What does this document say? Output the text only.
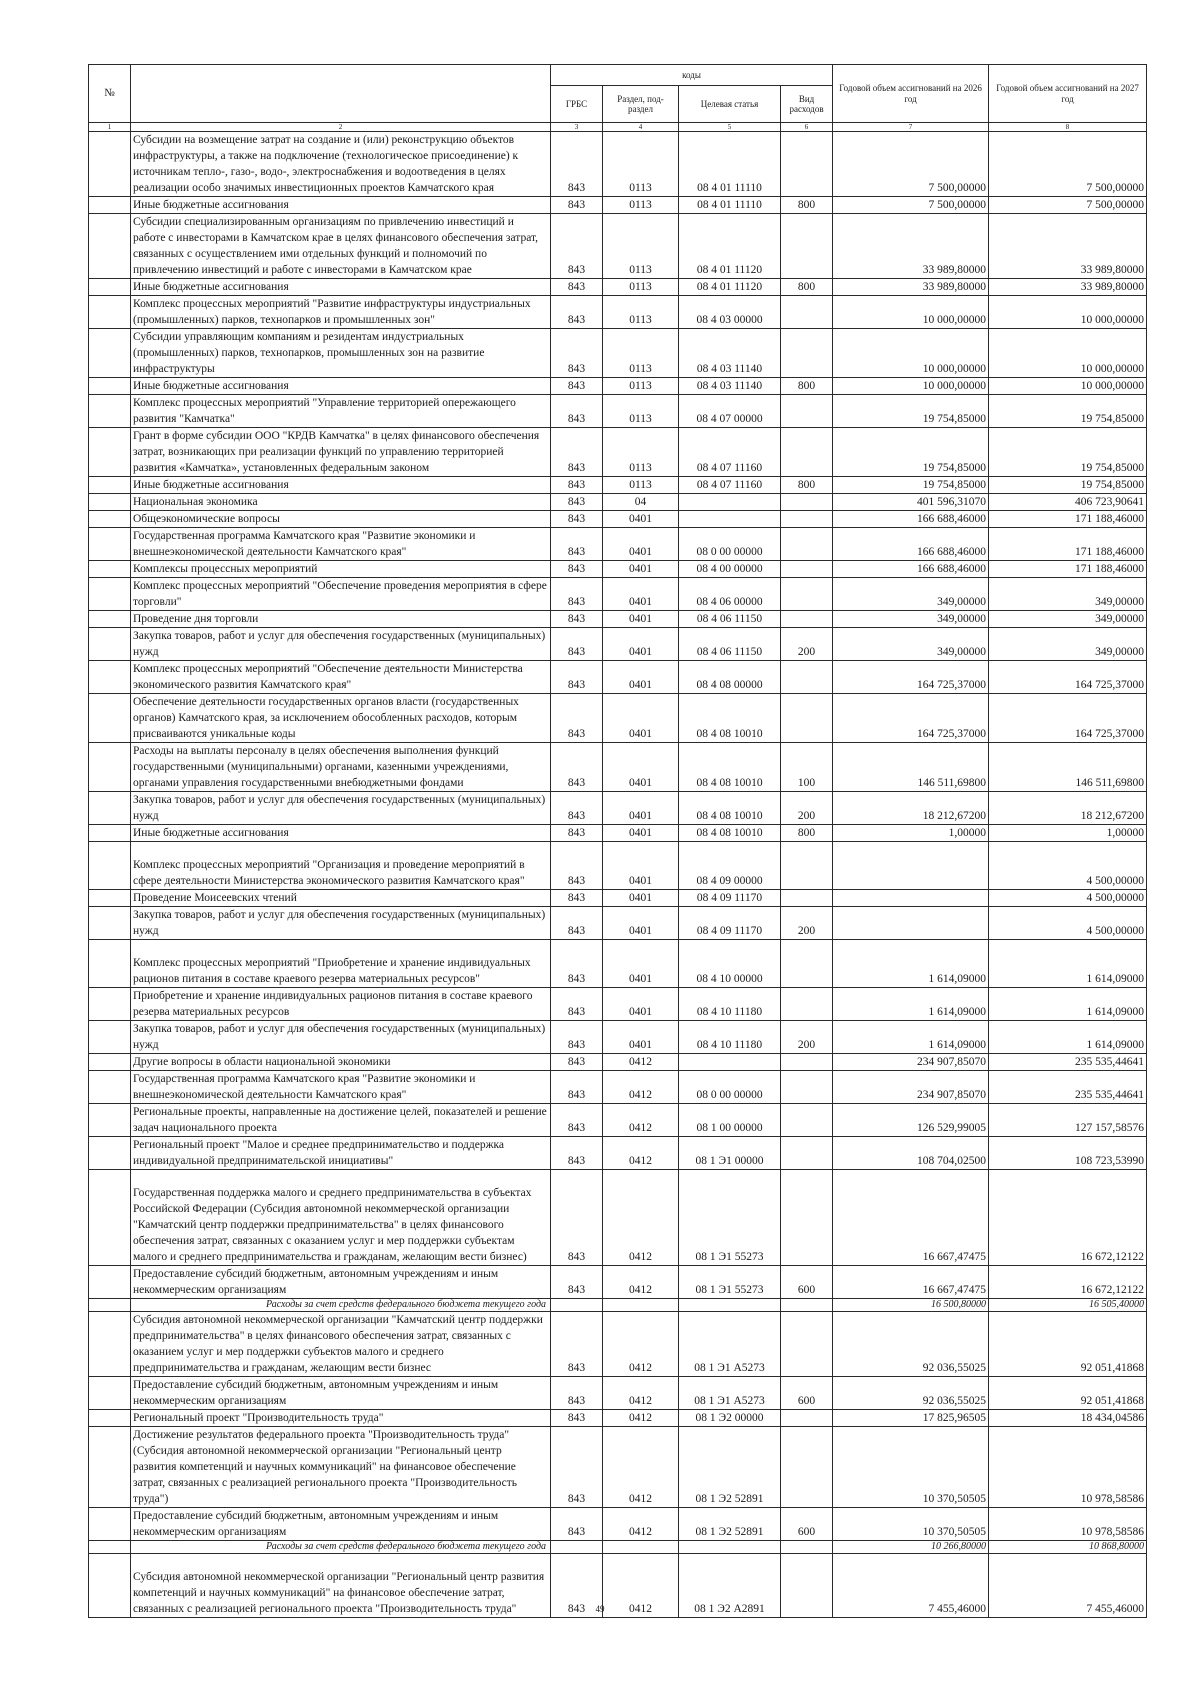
№		коды				Годовой объем ассигнований на 2026 год	Годовой объем ассигнований на 2027 год
		ГРБС	Раздел, под-раздел	Целевая статья	Вид расходов		
1	2	3	4	5	6	7	8
	Субсидии на возмещение затрат на создание и (или) реконструкцию объектов инфраструктуры, а также на подключение (технологическое присоединение) к источникам тепло-, газо-, водо-, электроснабжения и водоотведения в целях реализации особо значимых инвестиционных проектов Камчатского края	843	0113	08 4 01 11110		7 500,00000	7 500,00000
	Иные бюджетные ассигнования	843	0113	08 4 01 11110	800	7 500,00000	7 500,00000
	Субсидии специализированным организациям по привлечению инвестиций и работе с инвесторами в Камчатском крае в целях финансового обеспечения затрат, связанных с осуществлением ими отдельных функций и полномочий по привлечению инвестиций и работе с инвесторами в Камчатском крае	843	0113	08 4 01 11120		33 989,80000	33 989,80000
	Иные бюджетные ассигнования	843	0113	08 4 01 11120	800	33 989,80000	33 989,80000
	Комплекс процессных мероприятий "Развитие инфраструктуры индустриальных (промышленных) парков, технопарков и промышленных зон"	843	0113	08 4 03 00000		10 000,00000	10 000,00000
	Субсидии управляющим компаниям и резидентам индустриальных (промышленных) парков, технопарков, промышленных зон на развитие инфраструктуры	843	0113	08 4 03 11140		10 000,00000	10 000,00000
	Иные бюджетные ассигнования	843	0113	08 4 03 11140	800	10 000,00000	10 000,00000
	Комплекс процессных мероприятий "Управление территорией опережающего развития "Камчатка"	843	0113	08 4 07 00000		19 754,85000	19 754,85000
	Грант в форме субсидии ООО "КРДВ Камчатка" в целях финансового обеспечения затрат, возникающих при реализации функций по управлению территорией развития «Камчатка», установленных федеральным законом	843	0113	08 4 07 11160		19 754,85000	19 754,85000
	Иные бюджетные ассигнования	843	0113	08 4 07 11160	800	19 754,85000	19 754,85000
	Национальная экономика	843	04			401 596,31070	406 723,90641
	Общеэкономические вопросы	843	0401			166 688,46000	171 188,46000
	Государственная программа Камчатского края "Развитие экономики и внешнеэкономической деятельности Камчатского края"	843	0401	08 0 00 00000		166 688,46000	171 188,46000
	Комплексы процессных мероприятий	843	0401	08 4 00 00000		166 688,46000	171 188,46000
	Комплекс процессных мероприятий "Обеспечение проведения мероприятия в сфере торговли"	843	0401	08 4 06 00000		349,00000	349,00000
	Проведение дня торговли	843	0401	08 4 06 11150		349,00000	349,00000
	Закупка товаров, работ и услуг для обеспечения государственных (муниципальных) нужд	843	0401	08 4 06 11150	200	349,00000	349,00000
	Комплекс процессных мероприятий "Обеспечение деятельности Министерства экономического развития Камчатского края"	843	0401	08 4 08 00000		164 725,37000	164 725,37000
	Обеспечение деятельности государственных органов власти (государственных органов) Камчатского края, за исключением обособленных расходов, которым присваиваются уникальные коды	843	0401	08 4 08 10010		164 725,37000	164 725,37000
	Расходы на выплаты персоналу в целях обеспечения выполнения функций государственными (муниципальными) органами, казенными учреждениями, органами управления государственными внебюджетными фондами	843	0401	08 4 08 10010	100	146 511,69800	146 511,69800
	Закупка товаров, работ и услуг для обеспечения государственных (муниципальных) нужд	843	0401	08 4 08 10010	200	18 212,67200	18 212,67200
	Иные бюджетные ассигнования	843	0401	08 4 08 10010	800	1,00000	1,00000
	Комплекс процессных мероприятий "Организация и проведение мероприятий в сфере деятельности Министерства экономического развития Камчатского края"	843	0401	08 4 09 00000			4 500,00000
	Проведение Моисеевских чтений	843	0401	08 4 09 11170			4 500,00000
	Закупка товаров, работ и услуг для обеспечения государственных (муниципальных) нужд	843	0401	08 4 09 11170	200		4 500,00000
	Комплекс процессных мероприятий "Приобретение и хранение индивидуальных рационов питания в составе краевого резерва материальных ресурсов"	843	0401	08 4 10 00000		1 614,09000	1 614,09000
	Приобретение и хранение индивидуальных рационов питания в составе краевого резерва материальных ресурсов	843	0401	08 4 10 11180		1 614,09000	1 614,09000
	Закупка товаров, работ и услуг для обеспечения государственных (муниципальных) нужд	843	0401	08 4 10 11180	200	1 614,09000	1 614,09000
	Другие вопросы в области национальной экономики	843	0412			234 907,85070	235 535,44641
	Государственная программа Камчатского края "Развитие экономики и внешнеэкономической деятельности Камчатского края"	843	0412	08 0 00 00000		234 907,85070	235 535,44641
	Региональные проекты, направленные на достижение целей, показателей и решение задач национального проекта	843	0412	08 1 00 00000		126 529,99005	127 157,58576
	Региональный проект "Малое и среднее предпринимательство и поддержка индивидуальной предпринимательской инициативы"	843	0412	08 1 Э1 00000		108 704,02500	108 723,53990
	Государственная поддержка малого и среднего предпринимательства в субъектах Российской Федерации (Субсидия автономной некоммерческой организации "Камчатский центр поддержки предпринимательства" в целях финансового обеспечения затрат, связанных с оказанием услуг и мер поддержки субъектам малого и среднего предпринимательства и гражданам, желающим вести бизнес)	843	0412	08 1 Э1 55273		16 667,47475	16 672,12122
	Предоставление субсидий бюджетным, автономным учреждениям и иным некоммерческим организациям	843	0412	08 1 Э1 55273	600	16 667,47475	16 672,12122
	Расходы за счет средств федерального бюджета текущего года					16 500,80000	16 505,40000
	Субсидия автономной некоммерческой организации "Камчатский центр поддержки предпринимательства" в целях финансового обеспечения затрат, связанных с оказанием услуг и мер поддержки субъектов малого и среднего предпринимательства и гражданам, желающим вести бизнес	843	0412	08 1 Э1 А5273		92 036,55025	92 051,41868
	Предоставление субсидий бюджетным, автономным учреждениям и иным некоммерческим организациям	843	0412	08 1 Э1 А5273	600	92 036,55025	92 051,41868
	Региональный проект "Производительность труда"	843	0412	08 1 Э2 00000		17 825,96505	18 434,04586
	Достижение результатов федерального проекта "Производительность труда" (Субсидия автономной некоммерческой организации "Региональный центр развития компетенций и научных коммуникаций" на финансовое обеспечение затрат, связанных с реализацией регионального проекта "Производительность труда")	843	0412	08 1 Э2 52891		10 370,50505	10 978,58586
	Предоставление субсидий бюджетным, автономным учреждениям и иным некоммерческим организациям	843	0412	08 1 Э2 52891	600	10 370,50505	10 978,58586
	Расходы за счет средств федерального бюджета текущего года					10 266,80000	10 868,80000
	Субсидия автономной некоммерческой организации "Региональный центр развития компетенций и научных коммуникаций" на финансовое обеспечение затрат, связанных с реализацией регионального проекта "Производительность труда"	843	0412	08 1 Э2 А2891		7 455,46000	7 455,46000
49
